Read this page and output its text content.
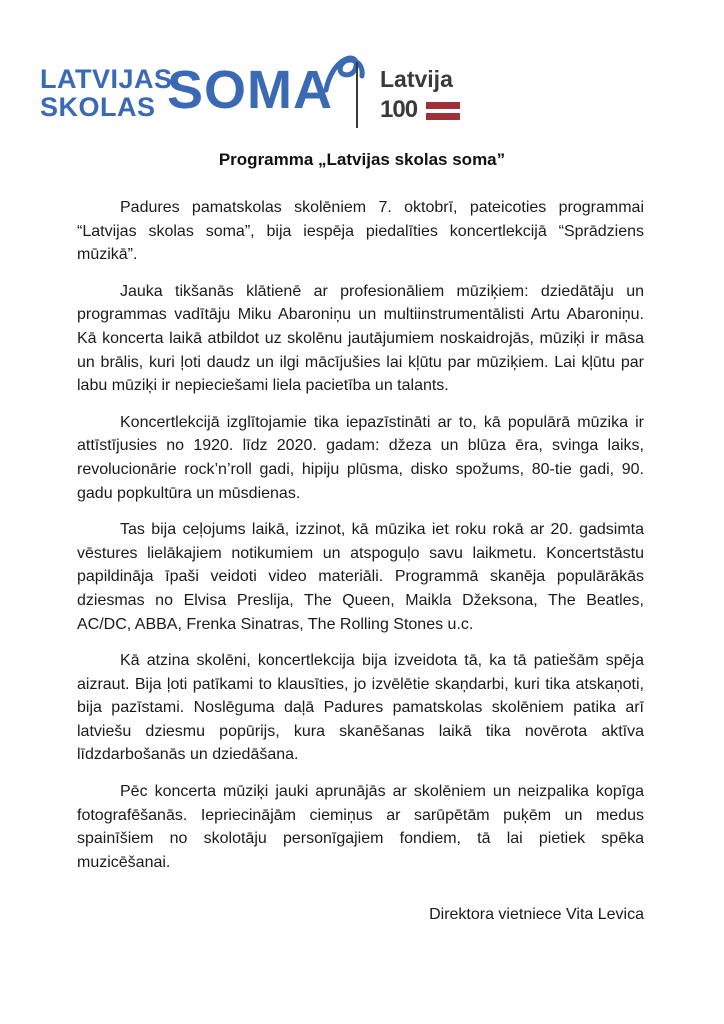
LATVIJAS
SKOLAS SOMA Latvija
100
Programma „Latvijas skolas soma”

Padures pamatskolas skolēniem 7. oktobrī, pateicoties programmai “Latvijas skolas soma”, bija iespēja piedalīties koncertlekcijā “Sprādziens mūzikā”.

Jauka tikšanās klātienē ar profesionāliem mūziķiem: dziedātāju un programmas vadītāju Miku Abaroniņu un multiinstrumentālisti Artu Abaroniņu. Kā koncerta laikā atbildot uz skolēnu jautājumiem noskaidrojās, mūziķi ir māsa un brālis, kuri ļoti daudz un ilgi mācījušies lai kļūtu par mūziķiem. Lai kļūtu par labu mūziķi ir nepieciešami liela pacietība un talants.

Koncertlekcijā izglītojamie tika iepazīstināti ar to, kā populārā mūzika ir attīstījusies no 1920. līdz 2020. gadam: džeza un blūza ēra, svinga laiks, revolucionārie rock’n’roll gadi, hipiju plūsma, disko spožums, 80-tie gadi, 90. gadu popkultūra un mūsdienas.

Tas bija ceļojums laikā, izzinot, kā mūzika iet roku rokā ar 20. gadsimta vēstures lielākajiem notikumiem un atspoguļo savu laikmetu. Koncertstāstu papildināja īpaši veidoti video materiāli. Programmā skanēja populārākās dziesmas no Elvisa Preslija, The Queen, Maikla Džeksona, The Beatles, AC/DC, ABBA, Frenka Sinatras, The Rolling Stones u.c.

Kā atzina skolēni, koncertlekcija bija izveidota tā, ka tā patiešām spēja aizraut. Bija ļoti patīkami to klausīties, jo izvēlētie skaņdarbi, kuri tika atskaņoti, bija pazīstami. Noslēguma daļā Padures pamatskolas skolēniem patika arī latviešu dziesmu popūrijs, kura skanēšanas laikā tika novērota aktīva līdzdarbošanās un dziedāšana.

Pēc koncerta mūziķi jauki aprunājās ar skolēniem un neizpalika kopīga fotografēšanās. Iepriecinājām ciemiņus ar sarūpētām puķēm un medus spainīšiem no skolotāju personīgajiem fondiem, tā lai pietiek spēka muzicēšanai.

Direktora vietniece Vita Levica
